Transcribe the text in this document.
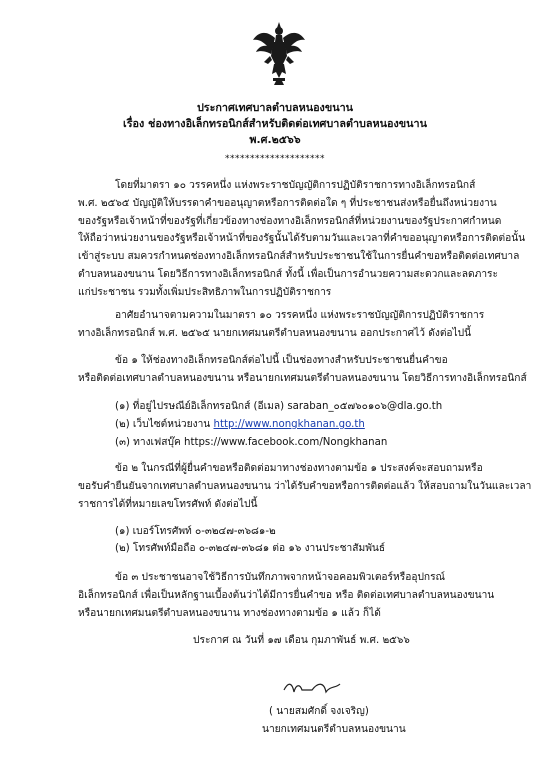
ประกาศเทศบาลตำบลหนองขนาน
เรื่อง ช่องทางอิเล็กทรอนิกส์สำหรับติดต่อเทศบาลตำบลหนองขนาน
พ.ศ.๒๕๖๖
********************
โดยที่มาตรา ๑๐ วรรคหนึ่ง แห่งพระราชบัญญัติการปฏิบัติราชการทางอิเล็กทรอนิกส์
พ.ศ. ๒๕๖๕ บัญญัติให้บรรดาคำขออนุญาตหรือการติดต่อใด ๆ ที่ประชาชนส่งหรือยื่นถึงหน่วยงาน
ของรัฐหรือเจ้าหน้าที่ของรัฐที่เกี่ยวข้องทางช่องทางอิเล็กทรอนิกส์ที่หน่วยงานของรัฐประกาศกำหนด
ให้ถือว่าหน่วยงานของรัฐหรือเจ้าหน้าที่ของรัฐนั้นได้รับตามวันและเวลาที่คำขออนุญาตหรือการติดต่อนั้น
เข้าสู่ระบบ สมควรกำหนดช่องทางอิเล็กทรอนิกส์สำหรับประชาชนใช้ในการยื่นคำขอหรือติดต่อเทศบาล
ตำบลหนองขนาน โดยวิธีการทางอิเล็กทรอนิกส์ ทั้งนี้ เพื่อเป็นการอำนวยความสะดวกและลดภาระ
แก่ประชาชน รวมทั้งเพิ่มประสิทธิภาพในการปฏิบัติราชการ
อาศัยอำนาจตามความในมาตรา ๑๐ วรรคหนึ่ง แห่งพระราชบัญญัติการปฏิบัติราชการ
ทางอิเล็กทรอนิกส์ พ.ศ. ๒๕๖๕ นายกเทศมนตรีตำบลหนองขนาน ออกประกาศไว้ ดังต่อไปนี้
ข้อ ๑ ให้ช่องทางอิเล็กทรอนิกส์ต่อไปนี้ เป็นช่องทางสำหรับประชาชนยื่นคำขอ
หรือติดต่อเทศบาลตำบลหนองขนาน หรือนายกเทศมนตรีตำบลหนองขนาน โดยวิธีการทางอิเล็กทรอนิกส์
(๑) ที่อยู่ไปรษณีย์อิเล็กทรอนิกส์ (อีเมล) saraban_๐๕๗๖๐๑๐๖@dla.go.th
(๒) เว็บไซต์หน่วยงาน http://www.nongkhanan.go.th
(๓) ทางเฟสบุ๊ค https://www.facebook.com/Nongkhanan
ข้อ ๒ ในกรณีที่ผู้ยื่นคำขอหรือติดต่อมาทางช่องทางตามข้อ ๑ ประสงค์จะสอบถามหรือ
ขอรับคำยืนยันจากเทศบาลตำบลหนองขนาน ว่าได้รับคำขอหรือการติดต่อแล้ว ให้สอบถามในวันและเวลา
ราชการได้ที่หมายเลขโทรศัพท์ ดังต่อไปนี้
(๑) เบอร์โทรศัพท์ ๐-๓๒๔๗-๓๖๘๑-๒
(๒) โทรศัพท์มือถือ ๐-๓๒๔๗-๓๖๘๑ ต่อ ๑๖ งานประชาสัมพันธ์
ข้อ ๓ ประชาชนอาจใช้วิธีการบันทึกภาพจากหน้าจอคอมพิวเตอร์หรืออุปกรณ์
อิเล็กทรอนิกส์ เพื่อเป็นหลักฐานเบื้องต้นว่าได้มีการยื่นคำขอ หรือ ติดต่อเทศบาลตำบลหนองขนาน
หรือนายกเทศมนตรีตำบลหนองขนาน ทางช่องทางตามข้อ ๑ แล้ว ก็ได้
ประกาศ ณ วันที่ ๑๗ เดือน กุมภาพันธ์ พ.ศ. ๒๕๖๖
( นายสมศักดิ์ จงเจริญ)
นายกเทศมนตรีตำบลหนองขนาน
